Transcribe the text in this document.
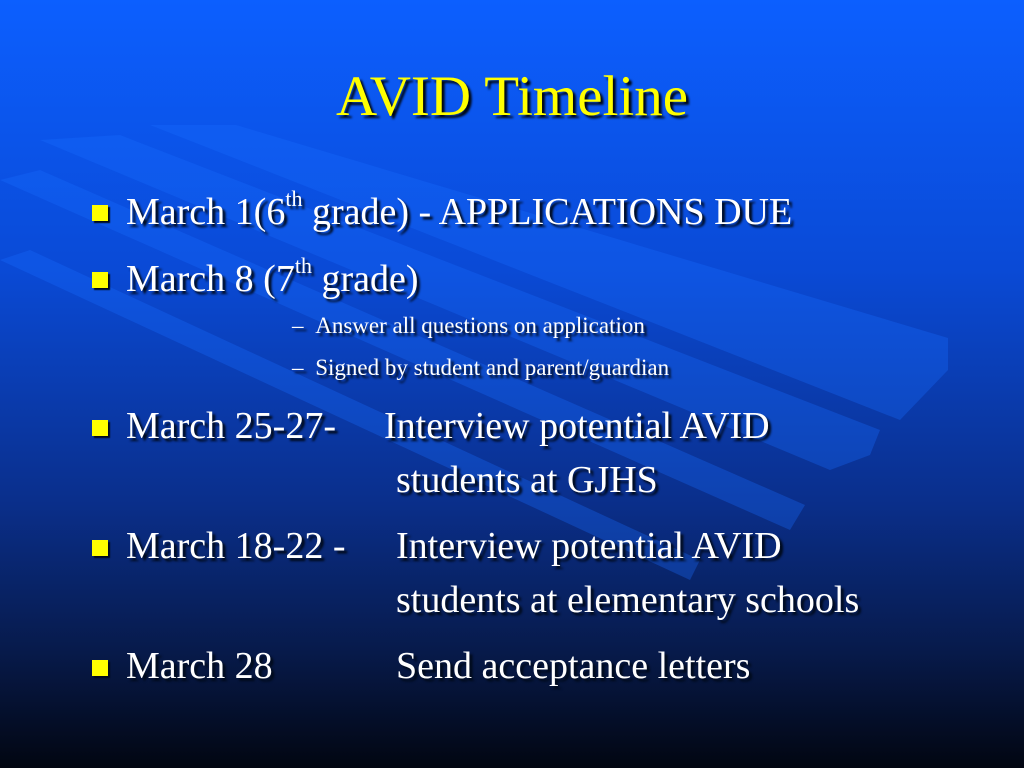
AVID Timeline
March 1(6th grade) - APPLICATIONS DUE
March 8 (7th grade)
– Answer all questions on application
– Signed by student and parent/guardian
March 25-27- Interview potential AVID
students at GJHS
March 18-22 - Interview potential AVID
students at elementary schools
March 28	Send acceptance letters
